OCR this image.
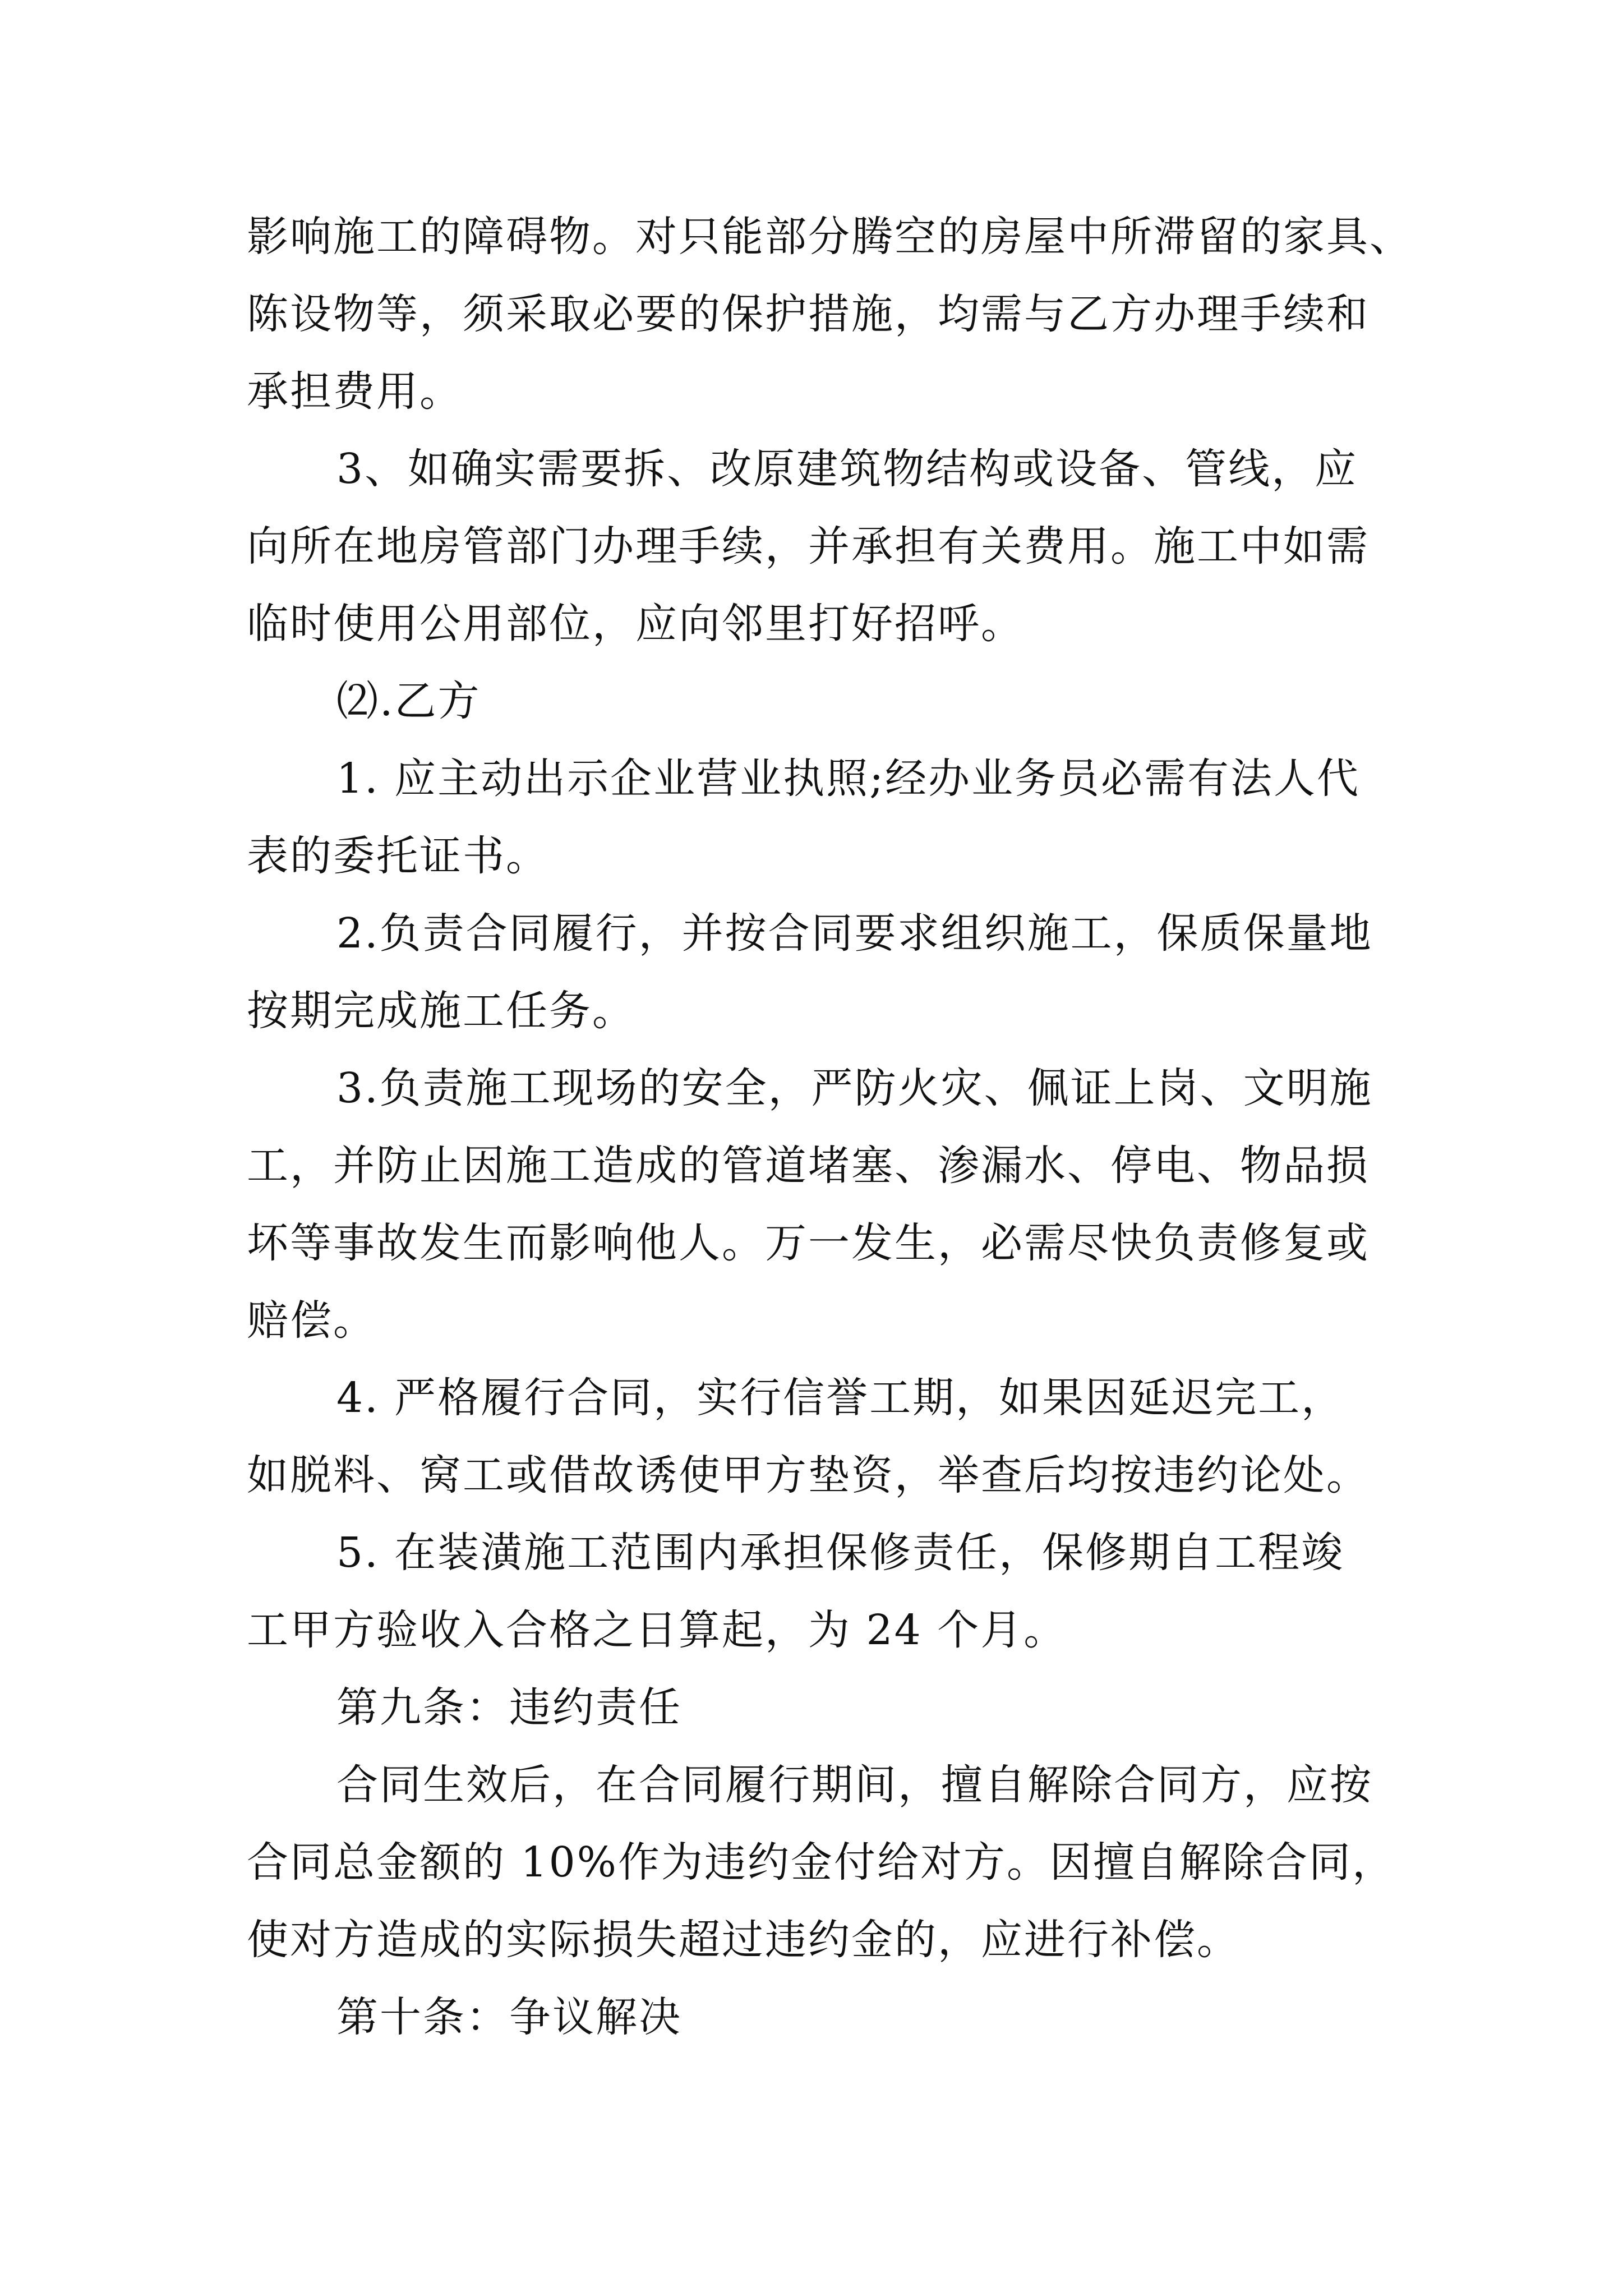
影响施工的障碍物。对只能部分腾空的房屋中所滞留的家具、
陈设物等，须采取必要的保护措施，均需与乙方办理手续和
承担费用。
3、如确实需要拆、改原建筑物结构或设备、管线，应
向所在地房管部门办理手续，并承担有关费用。施工中如需
临时使用公用部位，应向邻里打好招呼。
⑵.乙方
1. 应主动出示企业营业执照;经办业务员必需有法人代
表的委托证书。
2.负责合同履行，并按合同要求组织施工，保质保量地
按期完成施工任务。
3.负责施工现场的安全，严防火灾、佩证上岗、文明施
工，并防止因施工造成的管道堵塞、渗漏水、停电、物品损
坏等事故发生而影响他人。万一发生，必需尽快负责修复或
赔偿。
4. 严格履行合同，实行信誉工期，如果因延迟完工，
如脱料、窝工或借故诱使甲方垫资，举查后均按违约论处。
5. 在装潢施工范围内承担保修责任，保修期自工程竣
工甲方验收入合格之日算起，为 24 个月。
第九条：违约责任
合同生效后，在合同履行期间，擅自解除合同方，应按
合同总金额的 10%作为违约金付给对方。因擅自解除合同，
使对方造成的实际损失超过违约金的，应进行补偿。
第十条：争议解决
